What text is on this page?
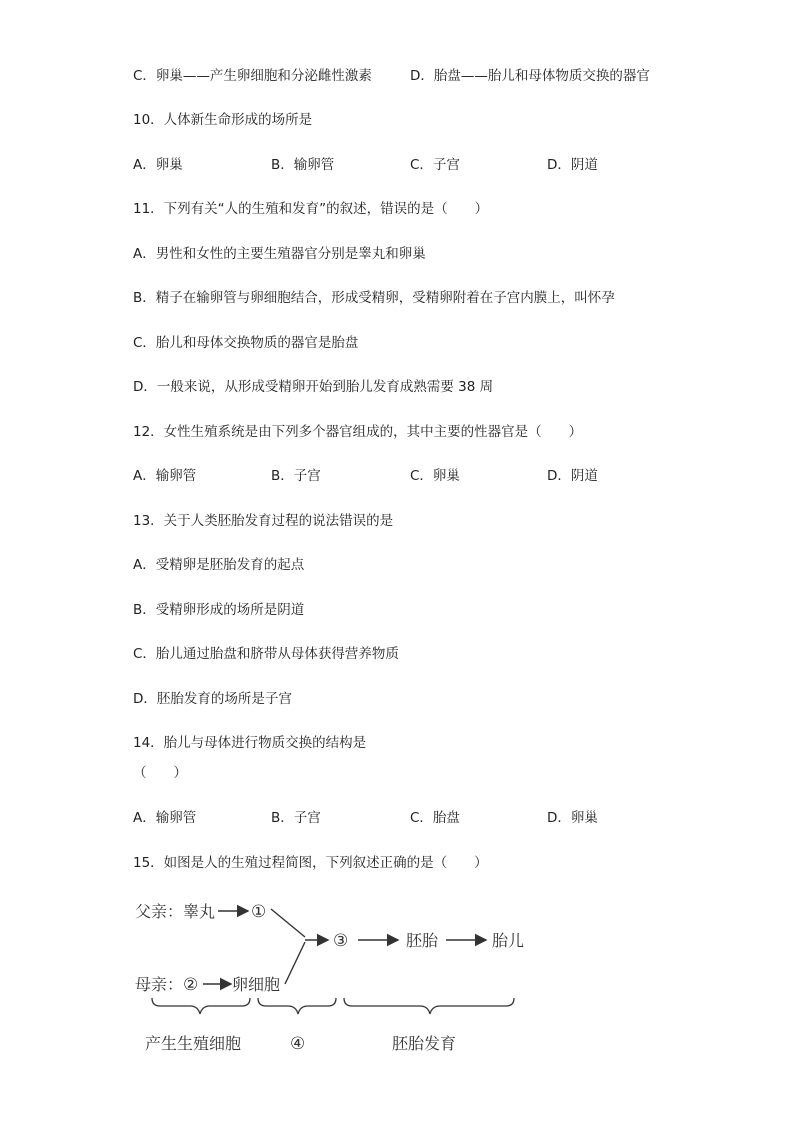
C．卵巢——产生卵细胞和分泌雌性激素	D．胎盘——胎儿和母体物质交换的器官
10．人体新生命形成的场所是
A．卵巢	B．输卵管	C．子宫	D．阴道
11．下列有关“人的生殖和发育”的叙述，错误的是（　　）
A．男性和女性的主要生殖器官分别是睾丸和卵巢
B．精子在输卵管与卵细胞结合，形成受精卵，受精卵附着在子宫内膜上，叫怀孕
C．胎儿和母体交换物质的器官是胎盘
D．一般来说，从形成受精卵开始到胎儿发育成熟需要 38 周
12．女性生殖系统是由下列多个器官组成的，其中主要的性器官是（　　）
A．输卵管	B．子宫	C．卵巢	D．阴道
13．关于人类胚胎发育过程的说法错误的是
A．受精卵是胚胎发育的起点
B．受精卵形成的场所是阴道
C．胎儿通过胎盘和脐带从母体获得营养物质
D．胚胎发育的场所是子宫
14．胎儿与母体进行物质交换的结构是
（　　）
A．输卵管	B．子宫	C．胎盘	D．卵巢
15．如图是人的生殖过程简图，下列叙述正确的是（　　）
父亲：睾丸 ①
③	胚胎	胎儿
母亲： ② 卵细胞
产生生殖细胞	④	胚胎发育
